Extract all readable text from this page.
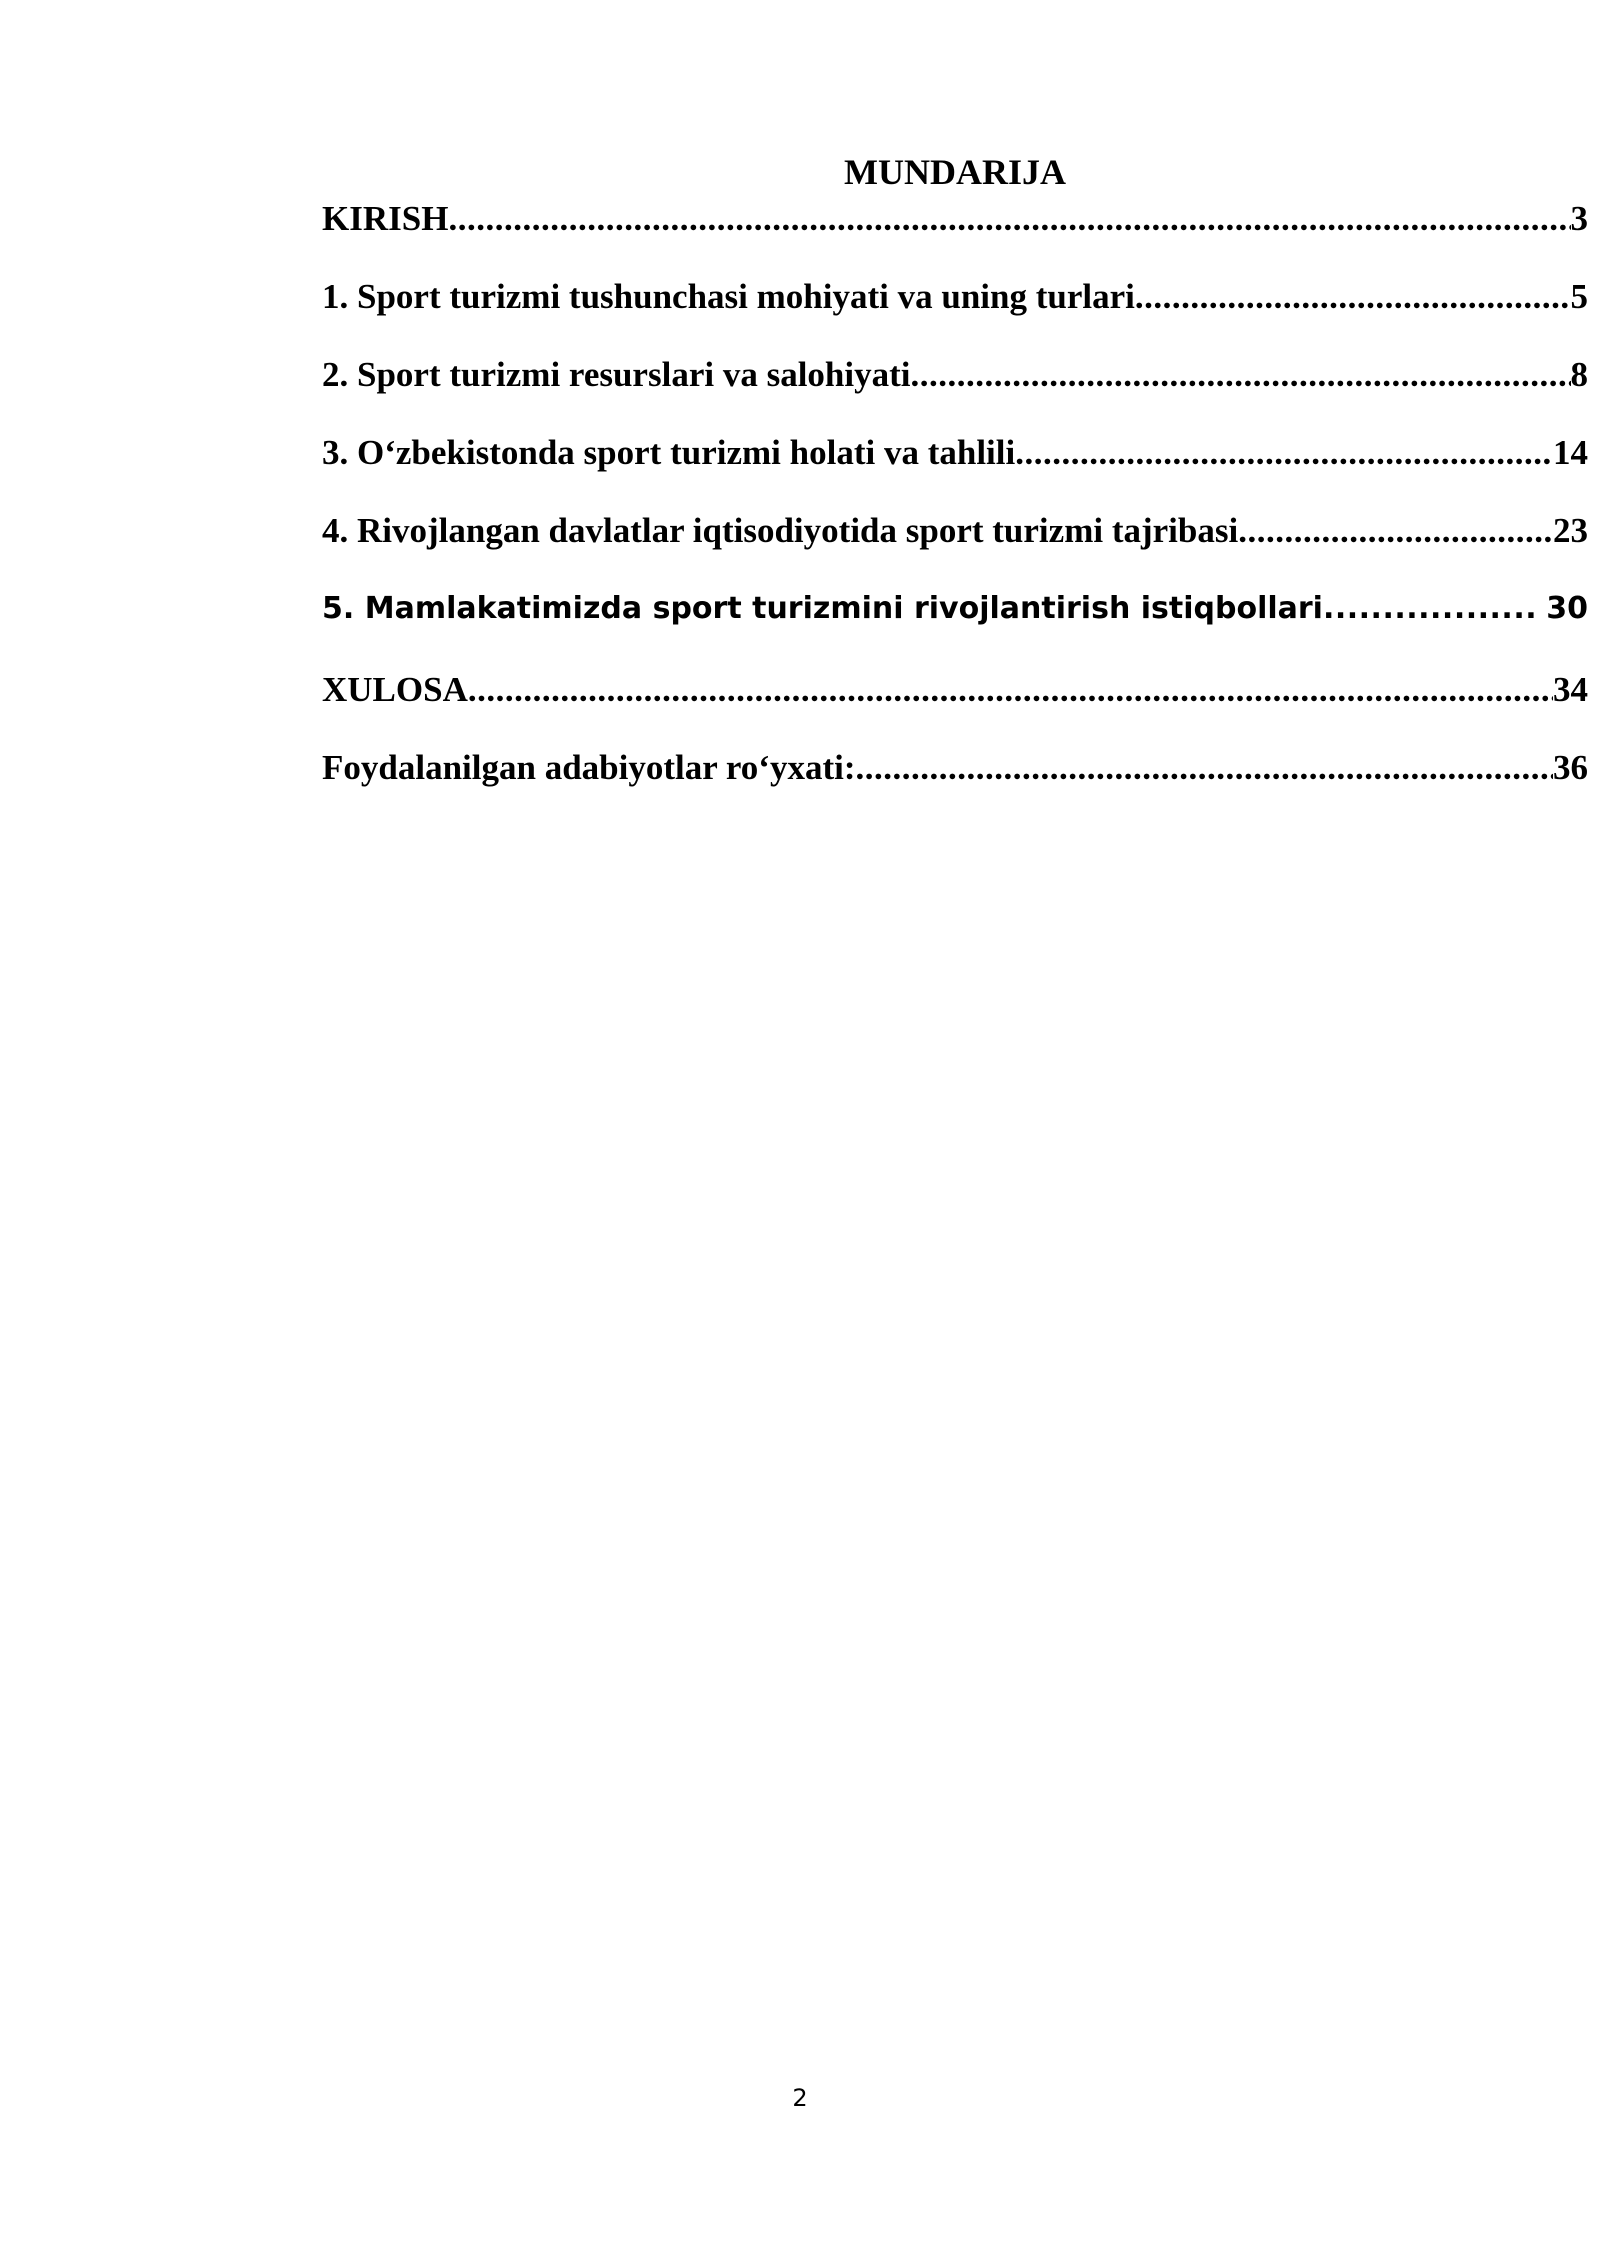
MUNDARIJA
KIRISH .....	3
1. Sport turizmi tushunchasi mohiyati va uning turlari .....	5
2. Sport turizmi resurslari va salohiyati .....	8
3. O‘zbekistonda sport turizmi holati va tahlili .....	14
4. Rivojlangan davlatlar iqtisodiyotida sport turizmi tajribasi .....	23
5. Mamlakatimizda sport turizmini rivojlantirish istiqbollari .....	30
XULOSA .....	34
Foydalanilgan adabiyotlar ro‘yxati: .....	36
2
